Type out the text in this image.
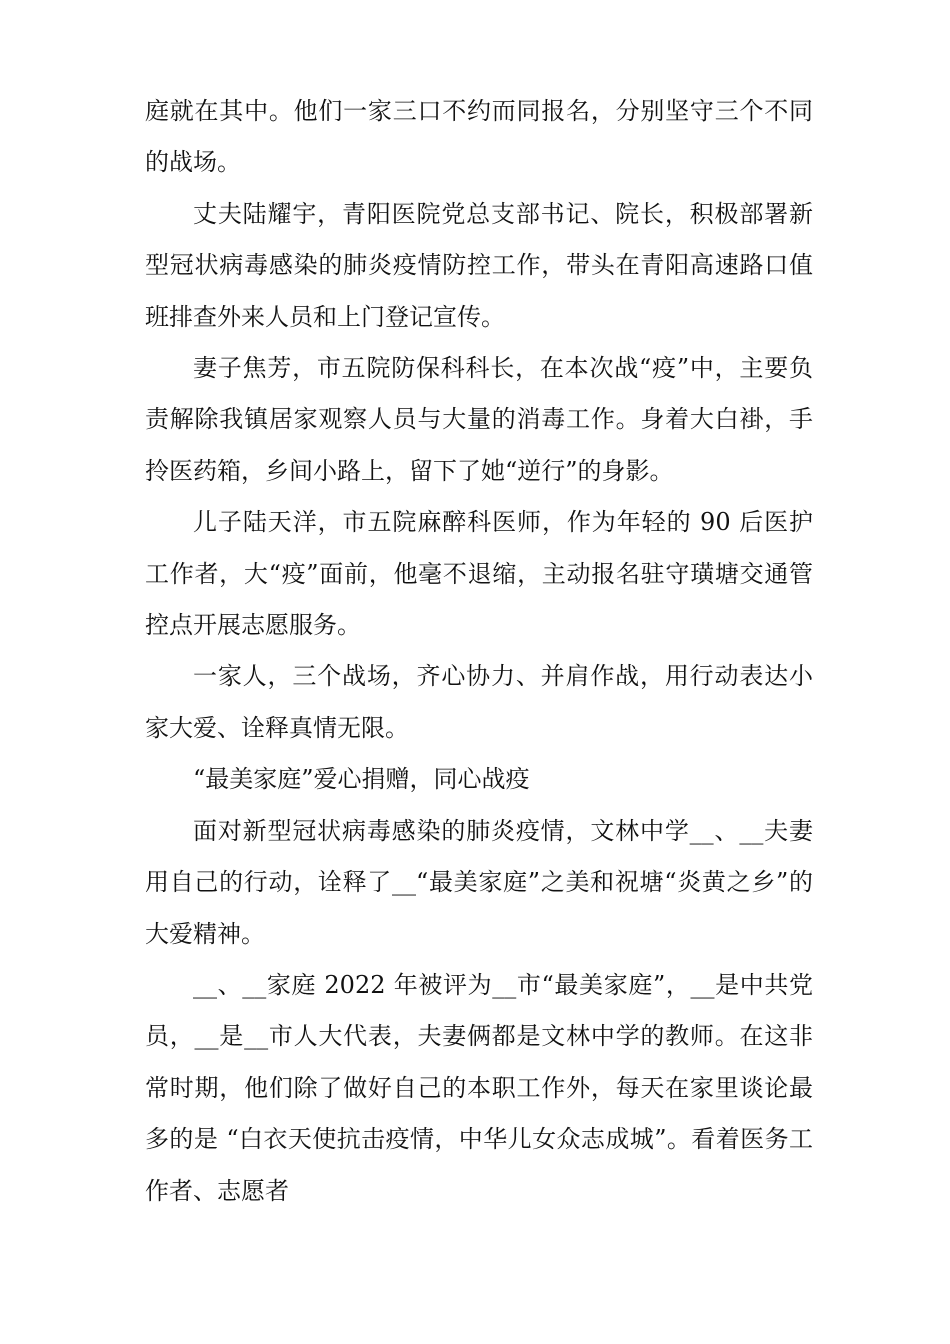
庭就在其中。他们一家三口不约而同报名，分别坚守三个不同的战场。

丈夫陆耀宇，青阳医院党总支部书记、院长，积极部署新型冠状病毒感染的肺炎疫情防控工作，带头在青阳高速路口值班排查外来人员和上门登记宣传。

妻子焦芳，市五院防保科科长，在本次战“疫”中，主要负责解除我镇居家观察人员与大量的消毒工作。身着大白褂，手拎医药箱，乡间小路上，留下了她“逆行”的身影。

儿子陆天洋，市五院麻醉科医师，作为年轻的 90 后医护工作者，大“疫”面前，他毫不退缩，主动报名驻守璜塘交通管控点开展志愿服务。

一家人，三个战场，齐心协力、并肩作战，用行动表达小家大爱、诠释真情无限。

“最美家庭”爱心捐赠，同心战疫

面对新型冠状病毒感染的肺炎疫情，文林中学__、__夫妻用自己的行动，诠释了__“最美家庭”之美和祝塘“炎黄之乡”的大爱精神。

__、__家庭 2022 年被评为__市“最美家庭”，__是中共党员，__是__市人大代表，夫妻俩都是文林中学的教师。在这非常时期，他们除了做好自己的本职工作外，每天在家里谈论最多的是 “白衣天使抗击疫情，中华儿女众志成城”。看着医务工作者、志愿者
